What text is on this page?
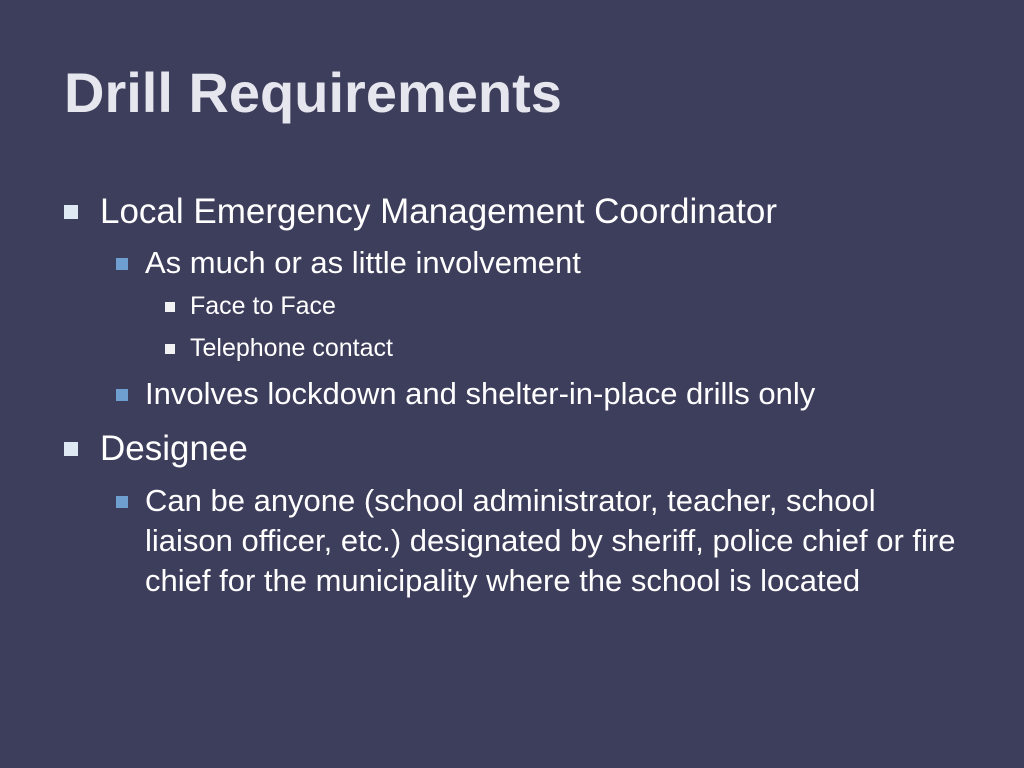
Drill Requirements
Local Emergency Management Coordinator
As much or as little involvement
Face to Face
Telephone contact
Involves lockdown and shelter-in-place drills only
Designee
Can be anyone (school administrator, teacher, school liaison officer, etc.) designated by sheriff, police chief or fire chief for the municipality where the school is located
